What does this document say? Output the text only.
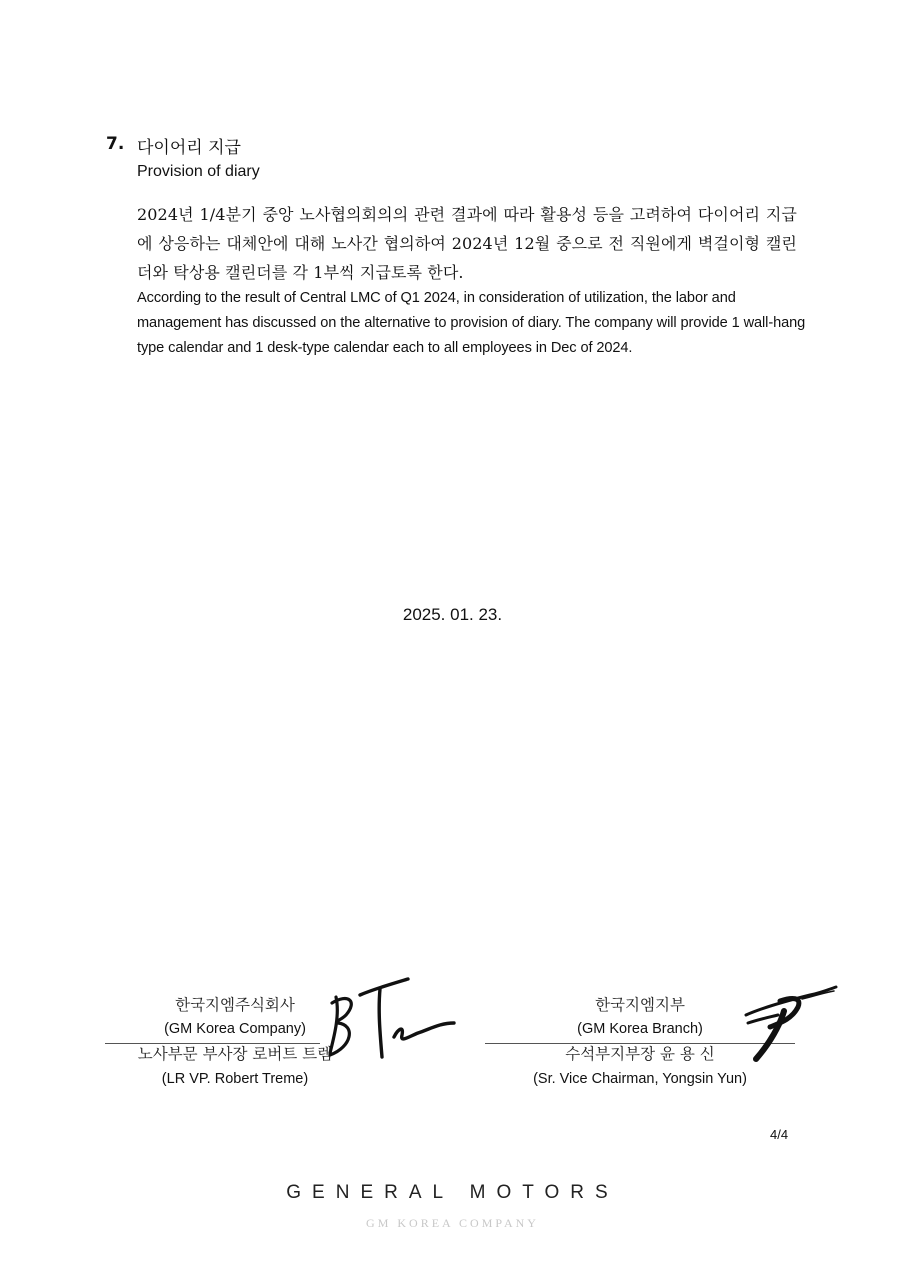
7. 다이어리 지급
Provision of diary
2024년 1/4분기 중앙 노사협의회의의 관련 결과에 따라 활용성 등을 고려하여 다이어리 지급에 상응하는 대체안에 대해 노사간 협의하여 2024년 12월 중으로 전 직원에게 벽걸이형 캘린더와 탁상용 캘린더를 각 1부씩 지급토록 한다.
According to the result of Central LMC of Q1 2024, in consideration of utilization, the labor and management has discussed on the alternative to provision of diary. The company will provide 1 wall-hang type calendar and 1 desk-type calendar each to all employees in Dec of 2024.
2025. 01. 23.
한국지엠주식회사
(GM Korea Company)
노사부문 부사장 로버트 트렘
(LR VP. Robert Treme)
한국지엠지부
(GM Korea Branch)
수석부지부장 윤 용 신
(Sr. Vice Chairman, Yongsin Yun)
4/4
GENERAL MOTORS
GM KOREA COMPANY
